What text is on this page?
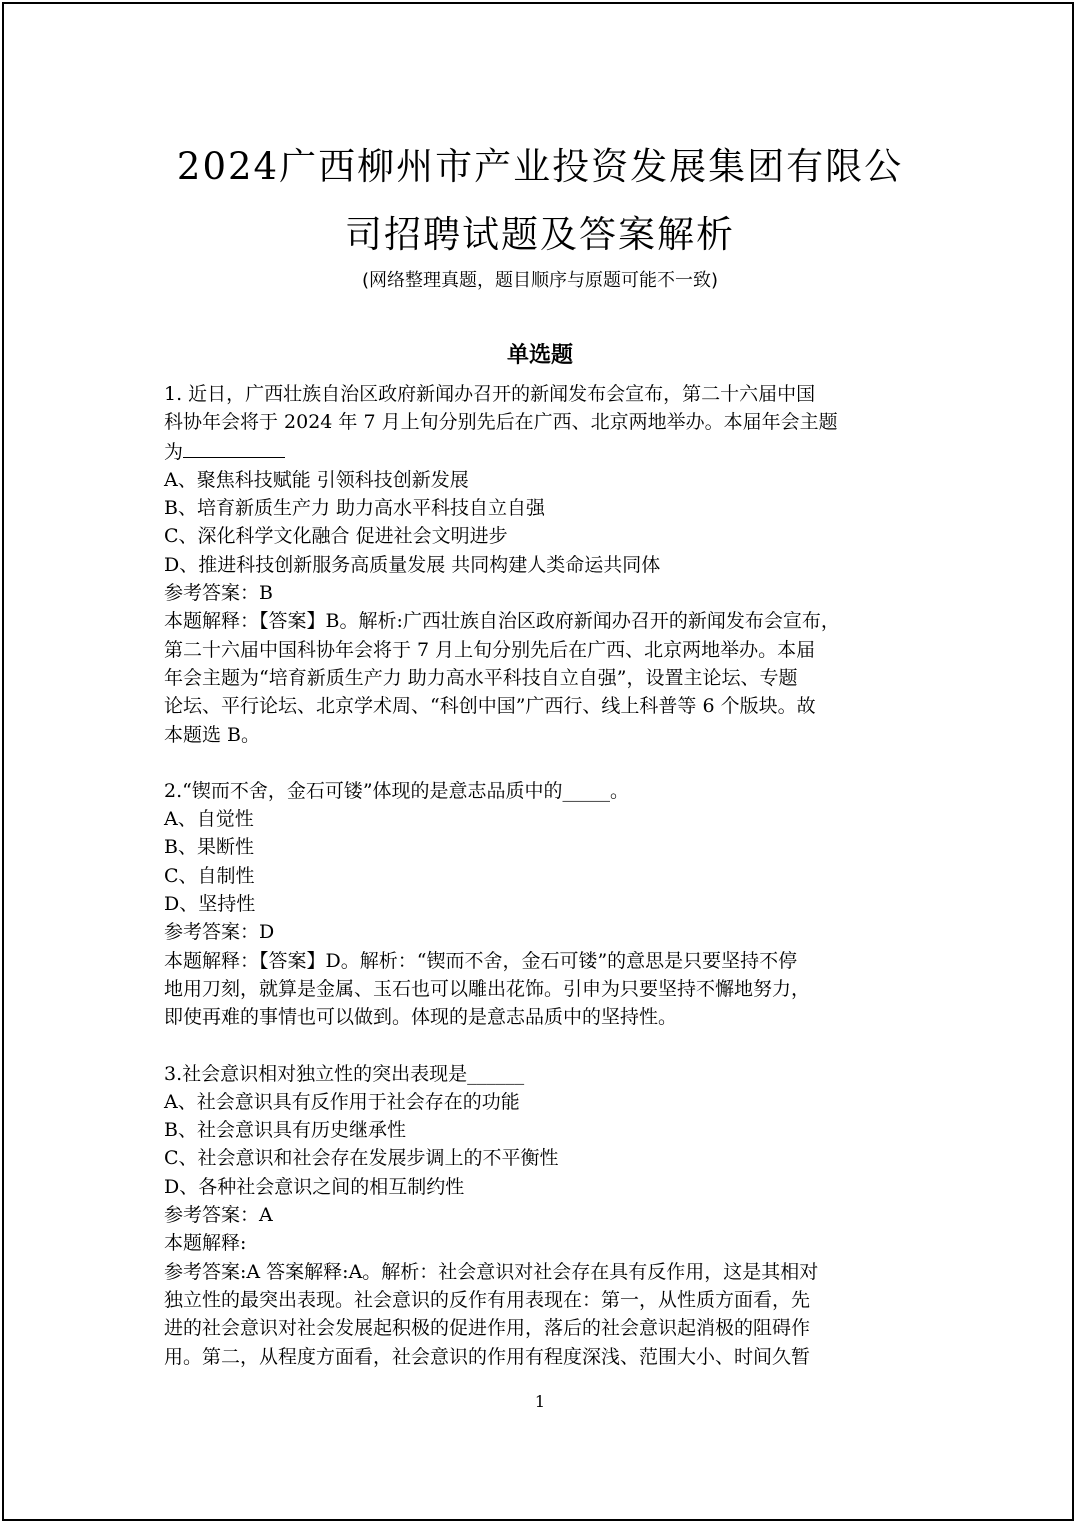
2024广西柳州市产业投资发展集团有限公
司招聘试题及答案解析
(网络整理真题，题目顺序与原题可能不一致)
单选题

1. 近日，广西壮族自治区政府新闻办召开的新闻发布会宣布，第二十六届中国

科协年会将于 2024 年 7 月上旬分别先后在广西、北京两地举办。本届年会主题

为

A、聚焦科技赋能 引领科技创新发展

B、培育新质生产力 助力高水平科技自立自强

C、深化科学文化融合 促进社会文明进步

D、推进科技创新服务高质量发展 共同构建人类命运共同体

参考答案：B

本题解释：【答案】B。解析:广西壮族自治区政府新闻办召开的新闻发布会宣布，

第二十六届中国科协年会将于 7 月上旬分别先后在广西、北京两地举办。本届

年会主题为“培育新质生产力 助力高水平科技自立自强”，设置主论坛、专题

论坛、平行论坛、北京学术周、“科创中国”广西行、线上科普等 6 个版块。故

本题选 B。

2.“锲而不舍，金石可镂”体现的是意志品质中的_____。

A、自觉性

B、果断性

C、自制性

D、坚持性

参考答案：D

本题解释：【答案】D。解析：“锲而不舍，金石可镂”的意思是只要坚持不停

地用刀刻，就算是金属、玉石也可以雕出花饰。引申为只要坚持不懈地努力，

即使再难的事情也可以做到。体现的是意志品质中的坚持性。

3.社会意识相对独立性的突出表现是______

A、社会意识具有反作用于社会存在的功能

B、社会意识具有历史继承性

C、社会意识和社会存在发展步调上的不平衡性

D、各种社会意识之间的相互制约性

参考答案：A

本题解释:

参考答案:A 答案解释:A。解析：社会意识对社会存在具有反作用，这是其相对

独立性的最突出表现。社会意识的反作有用表现在：第一，从性质方面看，先

进的社会意识对社会发展起积极的促进作用，落后的社会意识起消极的阻碍作

用。第二，从程度方面看，社会意识的作用有程度深浅、范围大小、时间久暂

1
